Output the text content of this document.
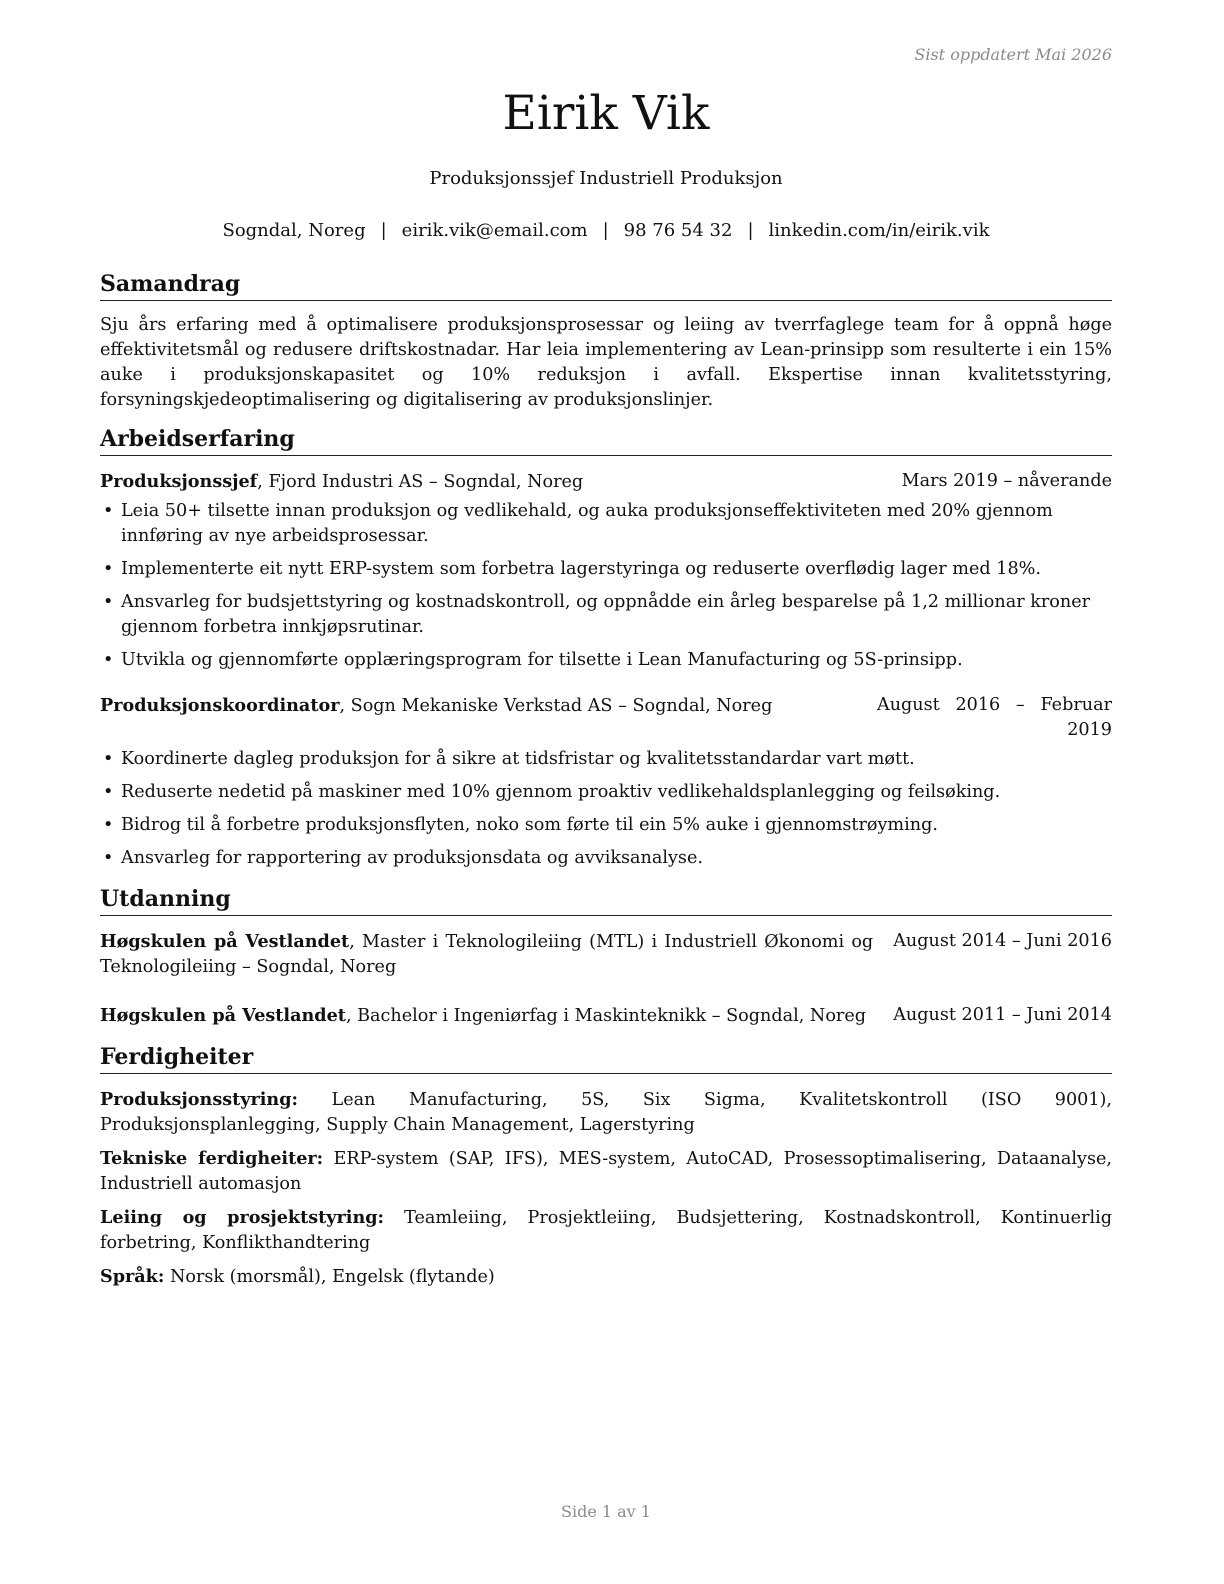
Sist oppdatert Mai 2026
Eirik Vik
Produksjonssjef Industriell Produksjon
Sogndal, Noreg | eirik.vik@email.com | 98 76 54 32 | linkedin.com/in/eirik.vik
Samandrag

Sju års erfaring med å optimalisere produksjonsprosessar og leiing av tverrfaglege team for å oppnå høge effektivitetsmål og redusere driftskostnadar. Har leia implementering av Lean-prinsipp som resulterte i ein 15% auke i produksjonskapasitet og 10% reduksjon i avfall. Ekspertise innan kvalitetsstyring, forsyningskjedeoptimalisering og digitalisering av produksjonslinjer.

Arbeidserfaring
Produksjonssjef, Fjord Industri AS – Sogndal, Noreg	Mars 2019 – nåverande
• Leia 50+ tilsette innan produksjon og vedlikehald, og auka produksjonseffektiviteten med 20% gjennom innføring av nye arbeidsprosessar.
• Implementerte eit nytt ERP-system som forbetra lagerstyringa og reduserte overflødig lager med 18%.
• Ansvarleg for budsjettstyring og kostnadskontroll, og oppnådde ein årleg besparelse på 1,2 millionar kroner gjennom forbetra innkjøpsrutinar.
• Utvikla og gjennomførte opplæringsprogram for tilsette i Lean Manufacturing og 5S-prinsipp.
Produksjonskoordinator, Sogn Mekaniske Verkstad AS – Sogndal, Noreg	August 2016 – Februar 2019
• Koordinerte dagleg produksjon for å sikre at tidsfristar og kvalitetsstandardar vart møtt.
• Reduserte nedetid på maskiner med 10% gjennom proaktiv vedlikehaldsplanlegging og feilsøking.
• Bidrog til å forbetre produksjonsflyten, noko som førte til ein 5% auke i gjennomstrøyming.
• Ansvarleg for rapportering av produksjonsdata og avviksanalyse.
Utdanning
Høgskulen på Vestlandet, Master i Teknologileiing (MTL) i Industriell Økonomi og Teknologileiing – Sogndal, Noreg
August 2014 – Juni 2016
Høgskulen på Vestlandet, Bachelor i Ingeniørfag i Maskinteknikk – Sogndal, Noreg	August 2011 – Juni 2014
Ferdigheiter

Produksjonsstyring: Lean Manufacturing, 5S, Six Sigma, Kvalitetskontroll (ISO 9001), Produksjonsplanlegging, Supply Chain Management, Lagerstyring

Tekniske ferdigheiter: ERP-system (SAP, IFS), MES-system, AutoCAD, Prosessoptimalisering, Dataanalyse, Industriell automasjon

Leiing og prosjektstyring: Teamleiing, Prosjektleiing, Budsjettering, Kostnadskontroll, Kontinuerlig forbetring, Konflikthandtering

Språk: Norsk (morsmål), Engelsk (flytande)

Side 1 av 1
